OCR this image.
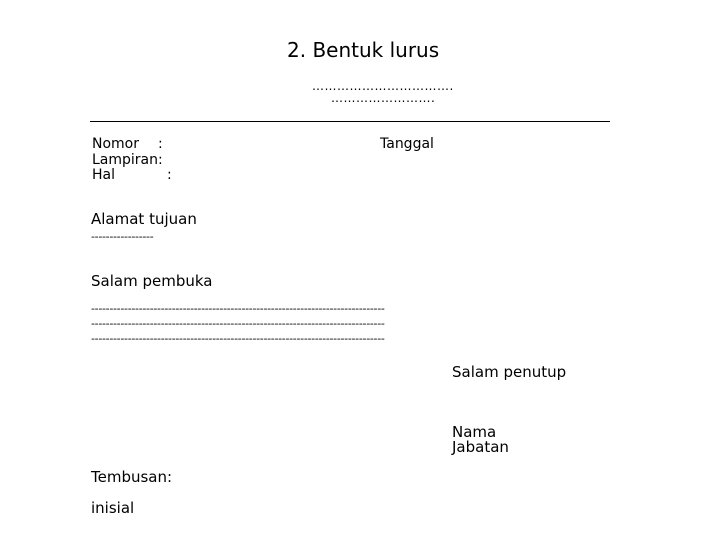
2. Bentuk lurus
…………………………….
…………………….
Nomor :
Lampiran :
Hal	:
Tanggal
Alamat tujuan
-----------------
Salam pembuka
--------------------------------------------------------------------------------
--------------------------------------------------------------------------------
--------------------------------------------------------------------------------
Salam penutup
Nama
Jabatan
Tembusan:
inisial
